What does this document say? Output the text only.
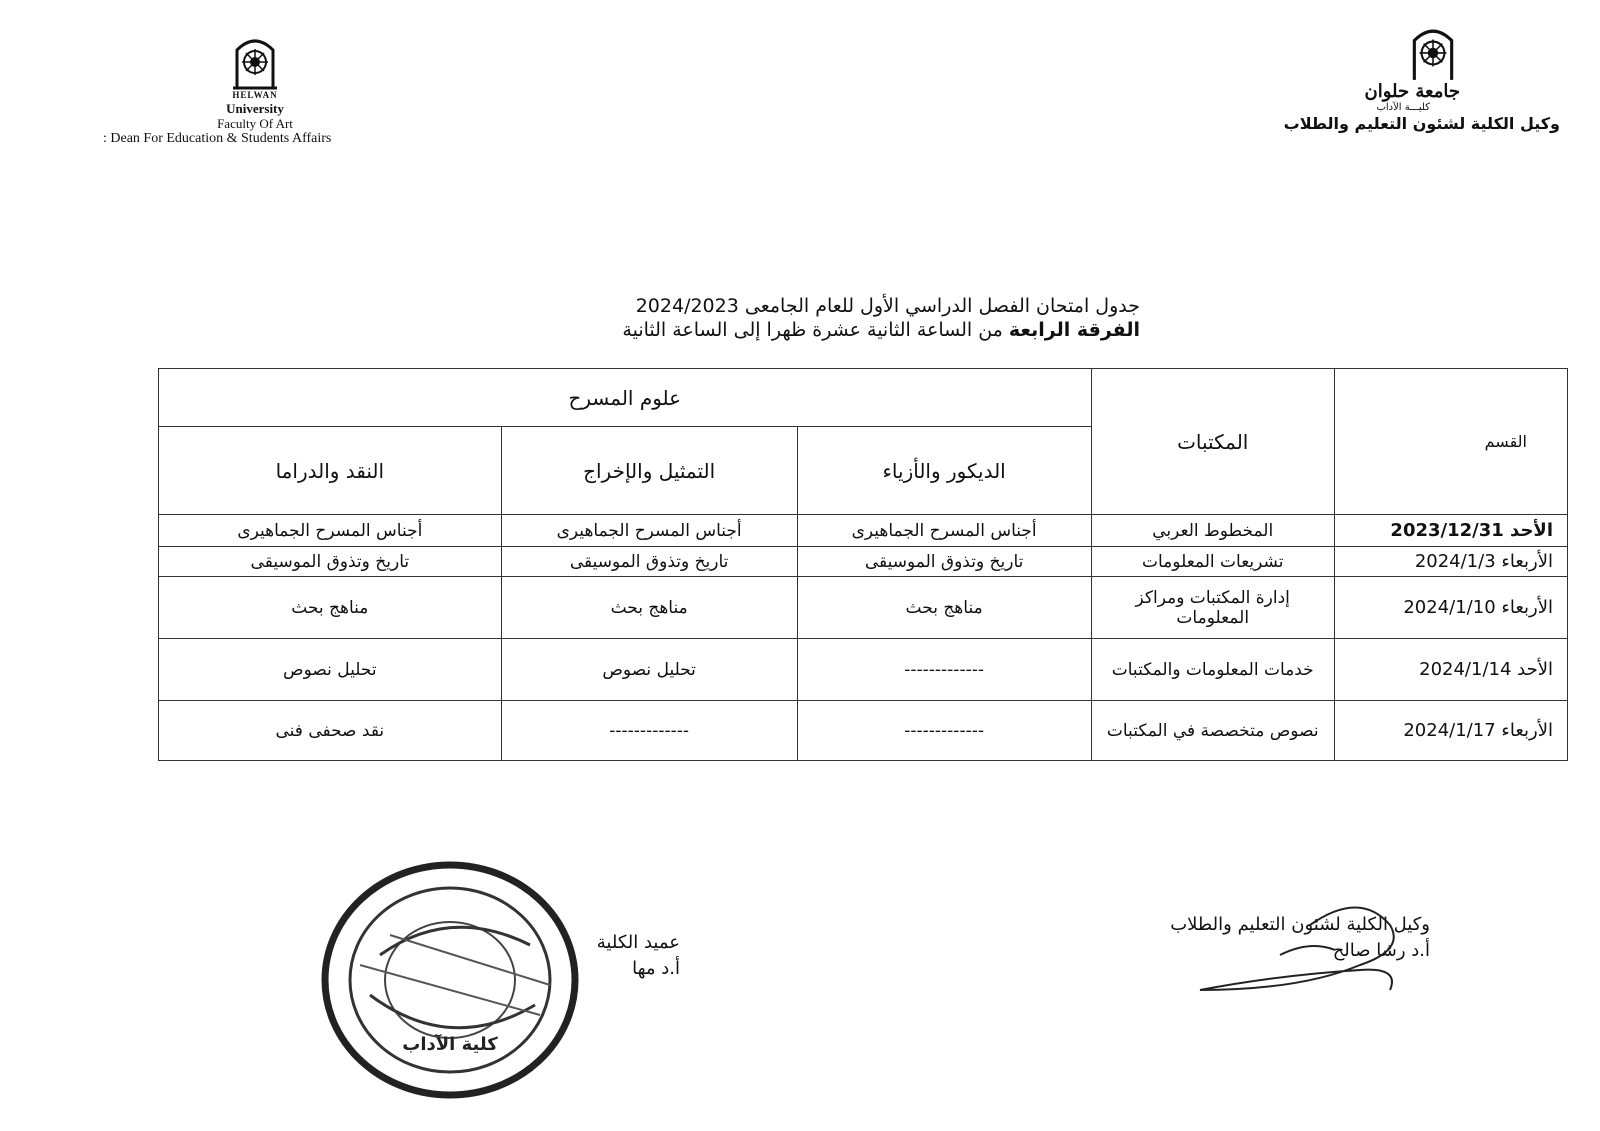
HELWAN
University
Faculty Of Art
: Dean For Education & Students Affairs
جامعة حلوان
كليـــة الآداب
وكيل الكلية لشئون التعليم والطلاب
جدول امتحان الفصل الدراسي الأول للعام الجامعى 2024/2023
الفرقة الرابعة من الساعة الثانية عشرة ظهرا إلى الساعة الثانية
القسم	المكتبات	علوم المسرح		
		الديكور والأزياء	التمثيل والإخراج	النقد والدراما
الأحد 2023/12/31	المخطوط العربي	أجناس المسرح الجماهيرى	أجناس المسرح الجماهيرى	أجناس المسرح الجماهيرى
الأربعاء 2024/1/3	تشريعات المعلومات	تاريخ وتذوق الموسيقى	تاريخ وتذوق الموسيقى	تاريخ وتذوق الموسيقى
الأربعاء 2024/1/10	إدارة المكتبات ومراكز المعلومات	مناهج بحث	مناهج بحث	مناهج بحث
الأحد 2024/1/14	خدمات المعلومات والمكتبات	-------------	تحليل نصوص	تحليل نصوص
الأربعاء 2024/1/17	نصوص متخصصة في المكتبات	-------------	-------------	نقد صحفى فنى
كلية الآداب
عميد الكلية
أ.د مها
وكيل الكلية لشئون التعليم والطلاب
أ.د رشا صالح
